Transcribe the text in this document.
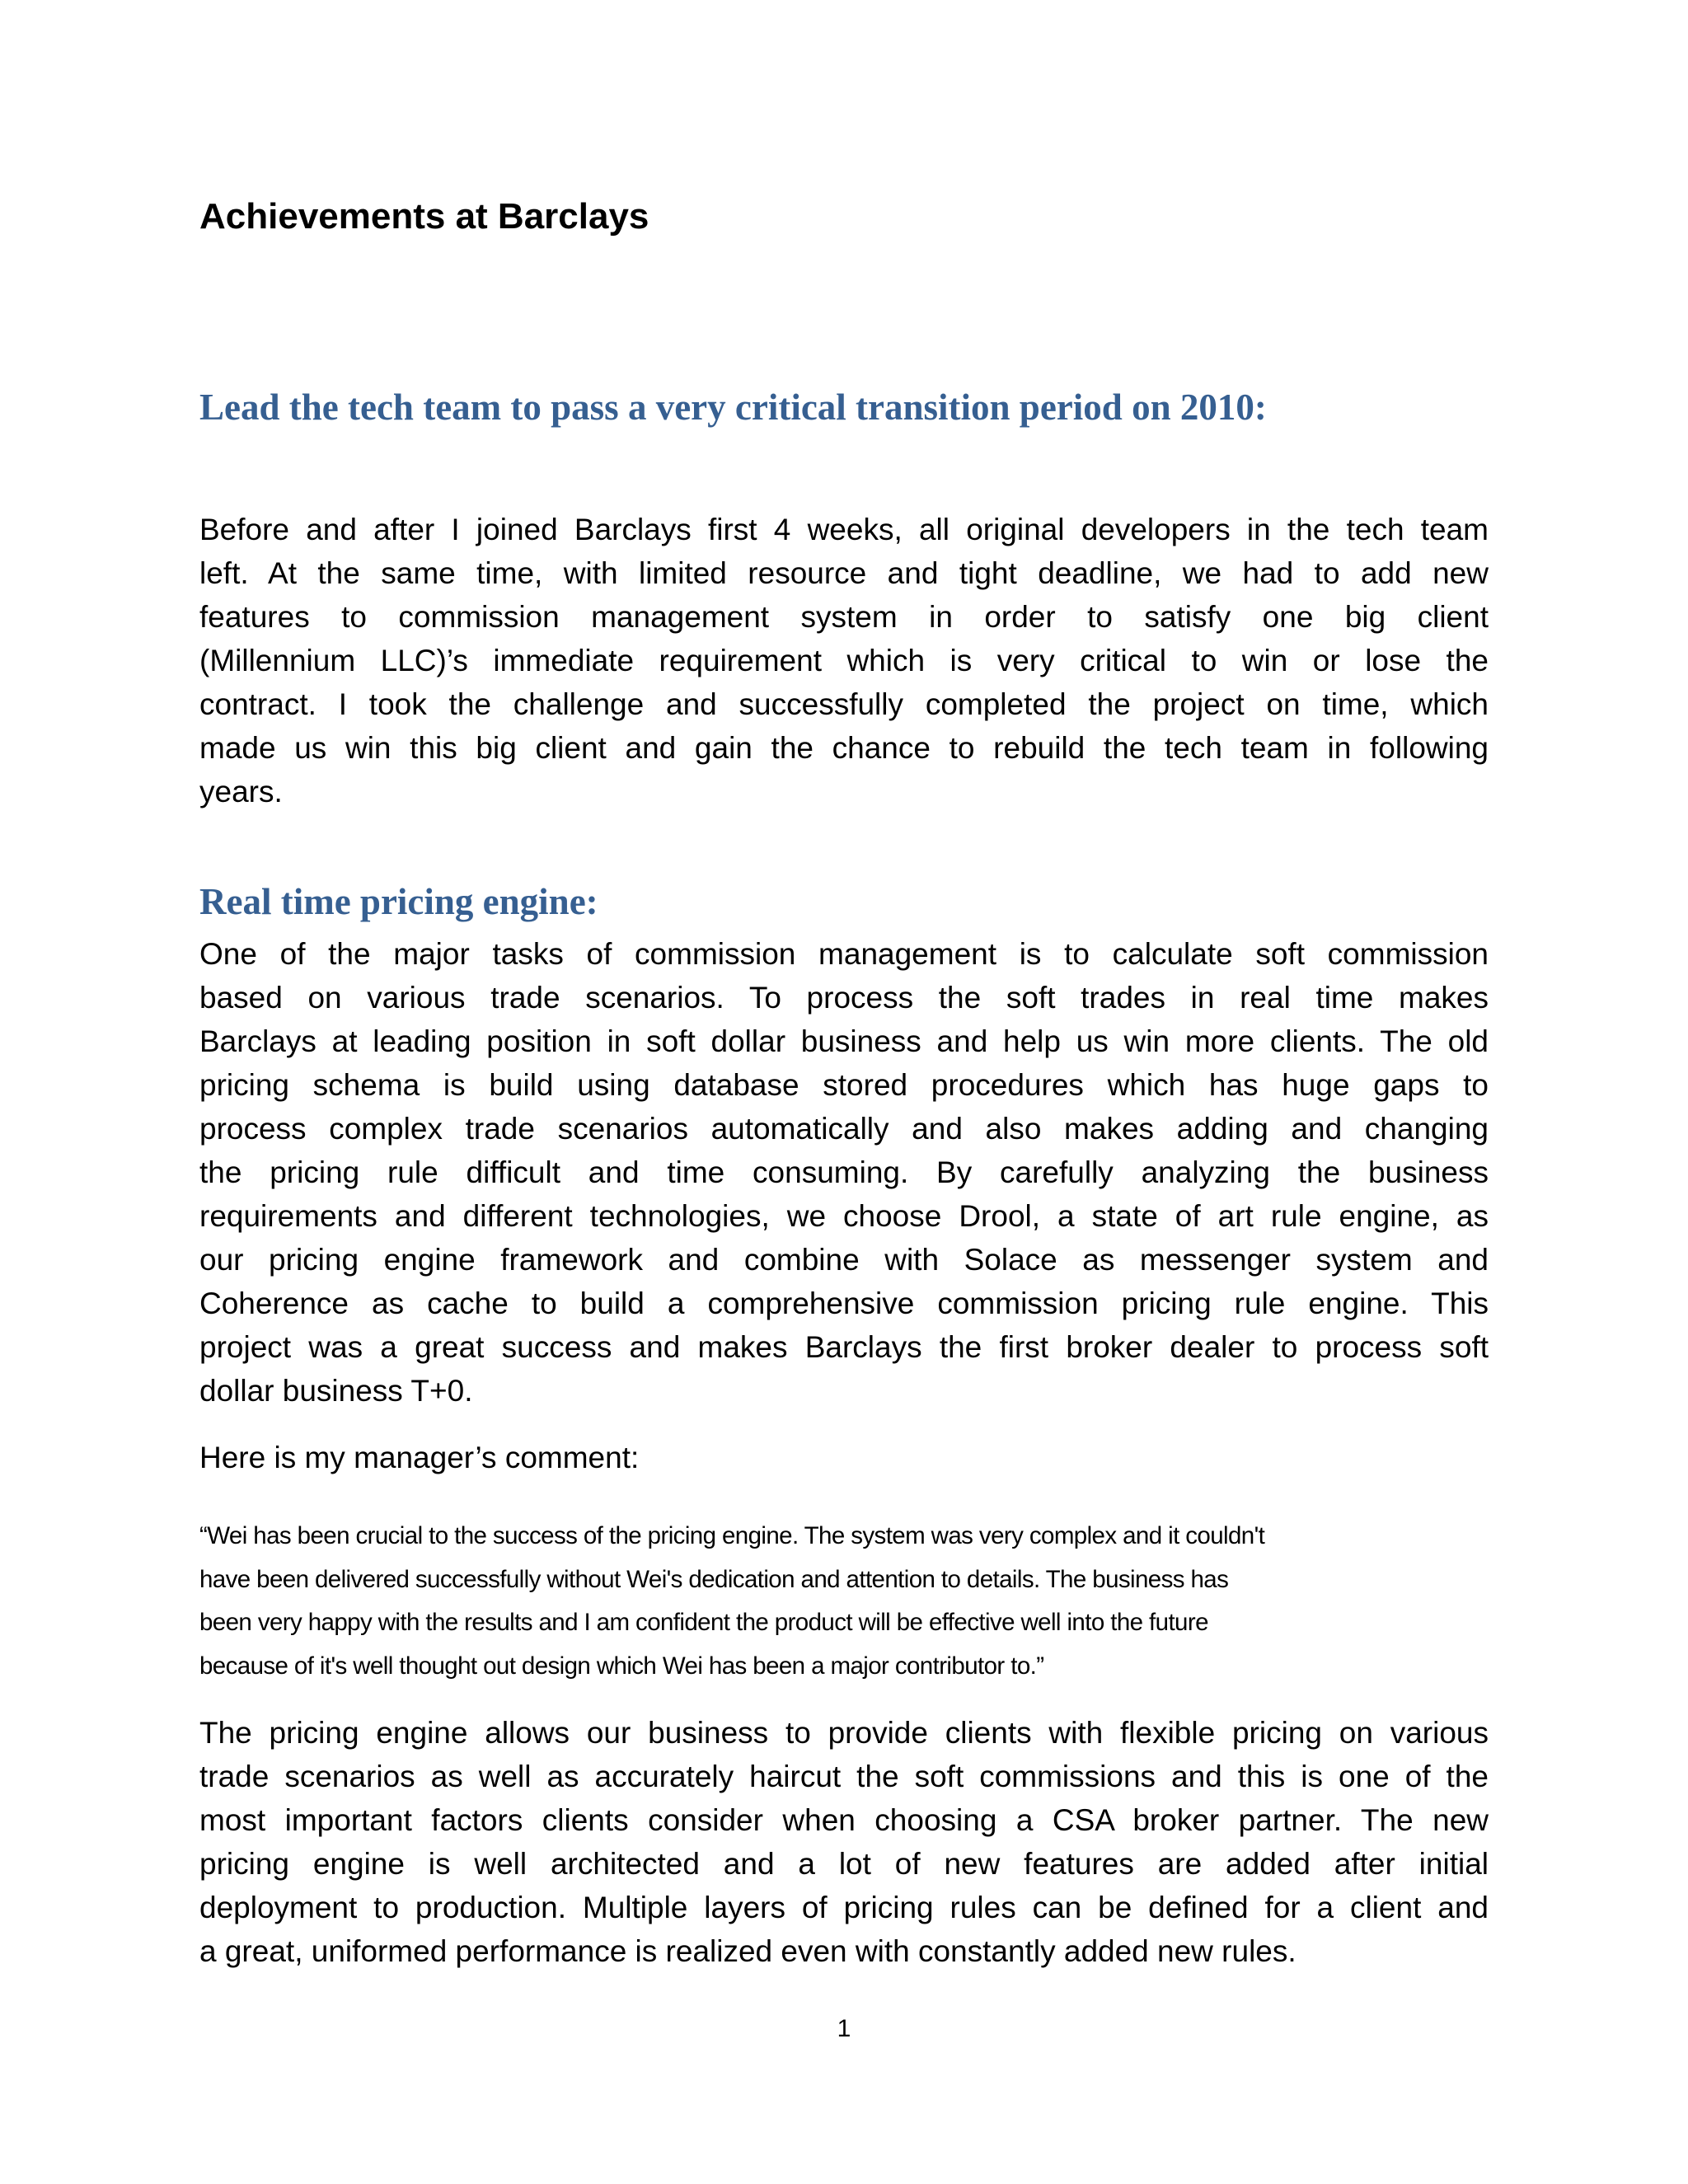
Achievements at Barclays
Lead the tech team to pass a very critical transition period on 2010:
Before and after I joined Barclays first 4 weeks, all original developers in the tech team
left. At the same time, with limited resource and tight deadline, we had to add new
features to commission management system in order to satisfy one big client
(Millennium LLC)’s immediate requirement which is very critical to win or lose the
contract. I took the challenge and successfully completed the project on time, which
made us win this big client and gain the chance to rebuild the tech team in following
years.
Real time pricing engine:
One of the major tasks of commission management is to calculate soft commission
based on various trade scenarios. To process the soft trades in real time makes
Barclays at leading position in soft dollar business and help us win more clients. The old
pricing schema is build using database stored procedures which has huge gaps to
process complex trade scenarios automatically and also makes adding and changing
the pricing rule difficult and time consuming. By carefully analyzing the business
requirements and different technologies, we choose Drool, a state of art rule engine, as
our pricing engine framework and combine with Solace as messenger system and
Coherence as cache to build a comprehensive commission pricing rule engine. This
project was a great success and makes Barclays the first broker dealer to process soft
dollar business T+0.
Here is my manager’s comment:
“Wei has been crucial to the success of the pricing engine. The system was very complex and it couldn't
have been delivered successfully without Wei's dedication and attention to details. The business has
been very happy with the results and I am confident the product will be effective well into the future
because of it's well thought out design which Wei has been a major contributor to.”
The pricing engine allows our business to provide clients with flexible pricing on various
trade scenarios as well as accurately haircut the soft commissions and this is one of the
most important factors clients consider when choosing a CSA broker partner. The new
pricing engine is well architected and a lot of new features are added after initial
deployment to production. Multiple layers of pricing rules can be defined for a client and
a great, uniformed performance is realized even with constantly added new rules.
1
